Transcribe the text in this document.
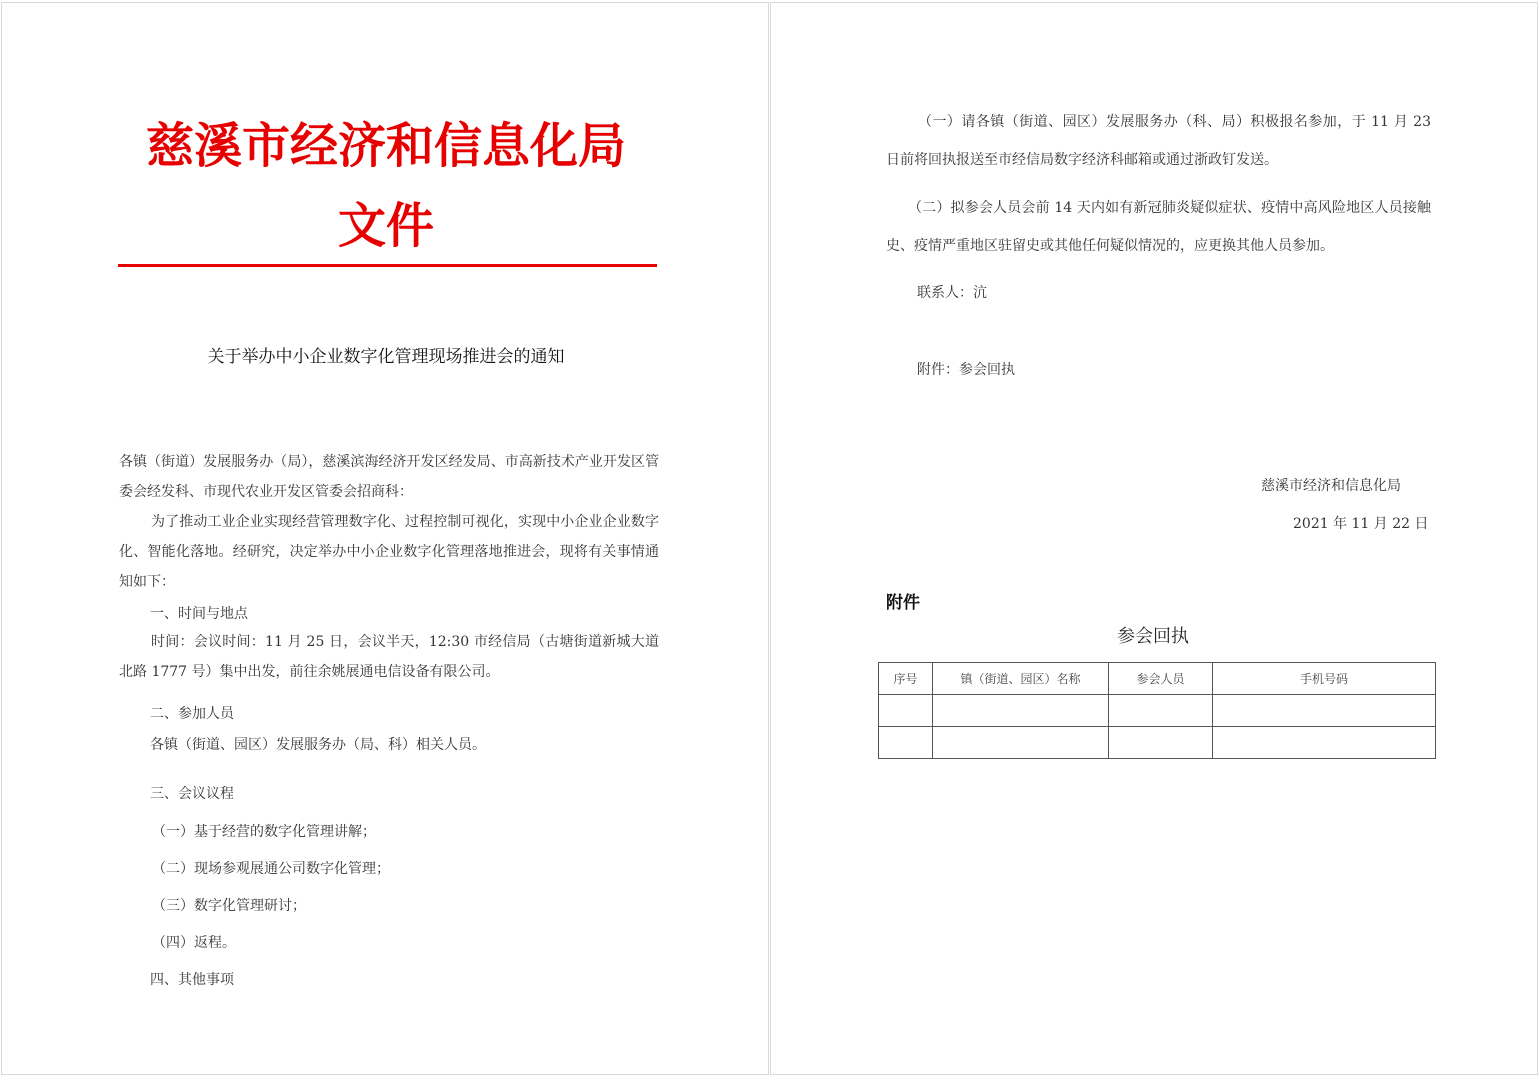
慈溪市经济和信息化局
文件
关于举办中小企业数字化管理现场推进会的通知
各镇（街道）发展服务办（局），慈溪滨海经济开发区经发局、市高新技术产业开发区管委会经发科、市现代农业开发区管委会招商科：
为了推动工业企业实现经营管理数字化、过程控制可视化，实现中小企业企业数字化、智能化落地。经研究，决定举办中小企业数字化管理落地推进会，现将有关事情通知如下：
一、时间与地点
时间：会议时间：11 月 25 日，会议半天，12:30 市经信局（古塘街道新城大道北路 1777 号）集中出发，前往余姚展通电信设备有限公司。
二、参加人员
各镇（街道、园区）发展服务办（局、科）相关人员。
三、会议议程
（一）基于经营的数字化管理讲解；
（二）现场参观展通公司数字化管理；
（三）数字化管理研讨；
（四）返程。
四、其他事项
（一）请各镇（街道、园区）发展服务办（科、局）积极报名参加，于 11 月 23 日前将回执报送至市经信局数字经济科邮箱或通过浙政钉发送。
（二）拟参会人员会前 14 天内如有新冠肺炎疑似症状、疫情中高风险地区人员接触史、疫情严重地区驻留史或其他任何疑似情况的，应更换其他人员参加。
联系人：沆
附件：参会回执
慈溪市经济和信息化局
2021 年 11 月 22 日
附件
参会回执
序号	镇（街道、园区）名称	参会人员	手机号码
